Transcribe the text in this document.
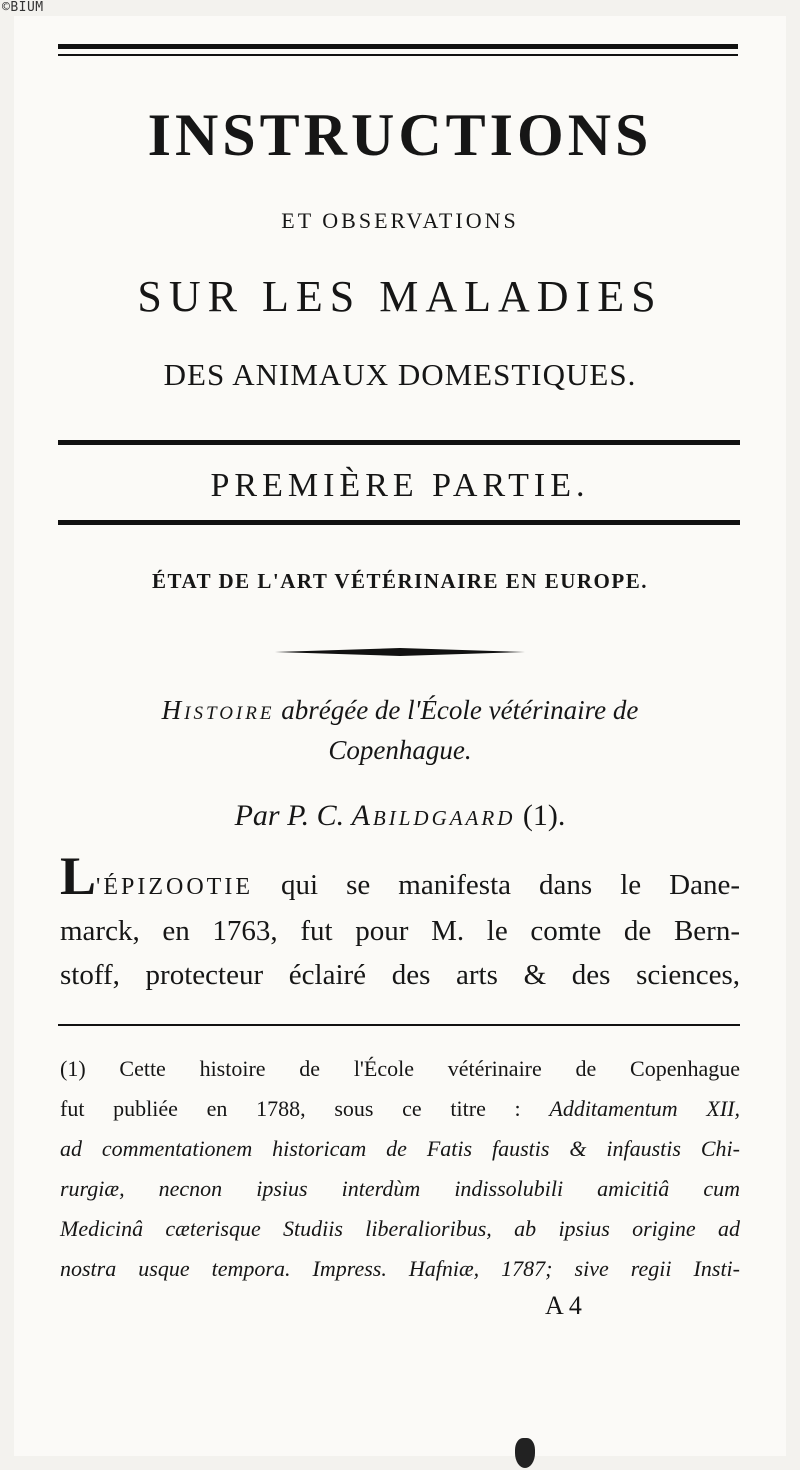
©BIUM
INSTRUCTIONS
ET OBSERVATIONS
SUR LES MALADIES
DES ANIMAUX DOMESTIQUES.
PREMIÈRE PARTIE.
ÉTAT DE L'ART VÉTÉRINAIRE EN EUROPE.
Histoire abrégée de l'École vétérinaire de
Copenhague.
Par P. C. Abildgaard (1).
L'ÉPIZOOTIE qui se manifesta dans le Dane-
marck, en 1763, fut pour M. le comte de Bern-
stoff, protecteur éclairé des arts & des sciences,
(1) Cette histoire de l'École vétérinaire de Copenhague
fut publiée en 1788, sous ce titre : Additamentum XII,
ad commentationem historicam de Fatis faustis & infaustis Chi-
rurgiæ, necnon ipsius interdùm indissolubili amicitiâ cum
Medicinâ cæterisque Studiis liberalioribus, ab ipsius origine ad
nostra usque tempora. Impress. Hafniæ, 1787; sive regii Insti-
A 4
